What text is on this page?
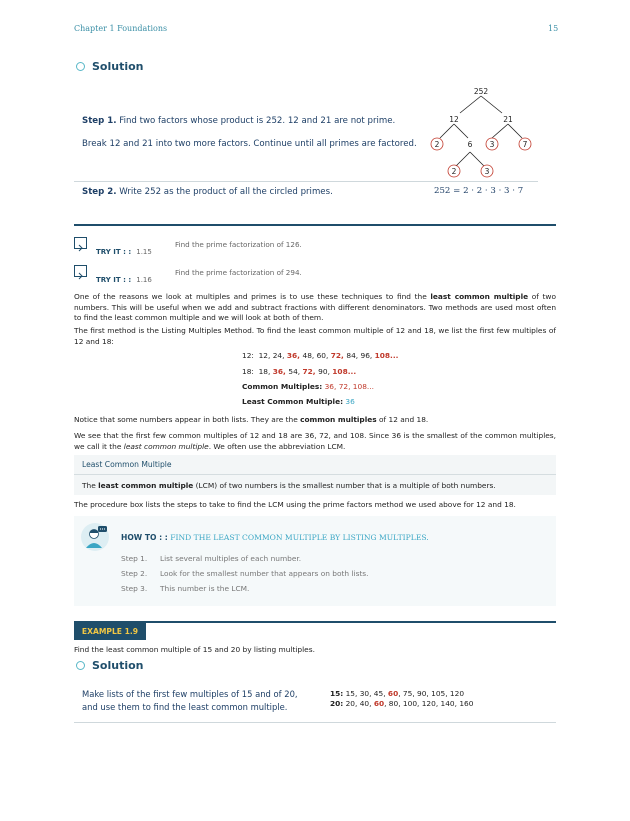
Chapter 1 Foundations	15
Solution
Step 1. Find two factors whose product is 252. 12 and 21 are not prime.
Break 12 and 21 into two more factors. Continue until all primes are factored.
252
12	21
2	6 3	7
2	3
Step 2. Write 252 as the product of all the circled primes.	252 = 2 · 2 · 3 · 3 · 7
TRY IT : : 1.15
Find the prime factorization of 126.
TRY IT : : 1.16
Find the prime factorization of 294.
One of the reasons we look at multiples and primes is to use these techniques to find the least common multiple of two numbers. This will be useful when we add and subtract fractions with different denominators. Two methods are used most often to find the least common multiple and we will look at both of them.
The first method is the Listing Multiples Method. To find the least common multiple of 12 and 18, we list the first few multiples of 12 and 18:
12: 12, 24, 36, 48, 60, 72, 84, 96, 108...
18: 18, 36, 54, 72, 90, 108...
Common Multiples: 36, 72, 108...
Least Common Multiple: 36
Notice that some numbers appear in both lists. They are the common multiples of 12 and 18.
We see that the first few common multiples of 12 and 18 are 36, 72, and 108. Since 36 is the smallest of the common multiples, we call it the least common multiple. We often use the abbreviation LCM.
Least Common Multiple
The least common multiple (LCM) of two numbers is the smallest number that is a multiple of both numbers.
The procedure box lists the steps to take to find the LCM using the prime factors method we used above for 12 and 18.
HOW TO : : FIND THE LEAST COMMON MULTIPLE BY LISTING MULTIPLES.
Step 1. List several multiples of each number.
Step 2. Look for the smallest number that appears on both lists.
Step 3. This number is the LCM.
EXAMPLE 1.9
Find the least common multiple of 15 and 20 by listing multiples.
Solution
Make lists of the first few multiples of 15 and of 20,
and use them to find the least common multiple.
15: 15, 30, 45, 60, 75, 90, 105, 120
20: 20, 40, 60, 80, 100, 120, 140, 160
